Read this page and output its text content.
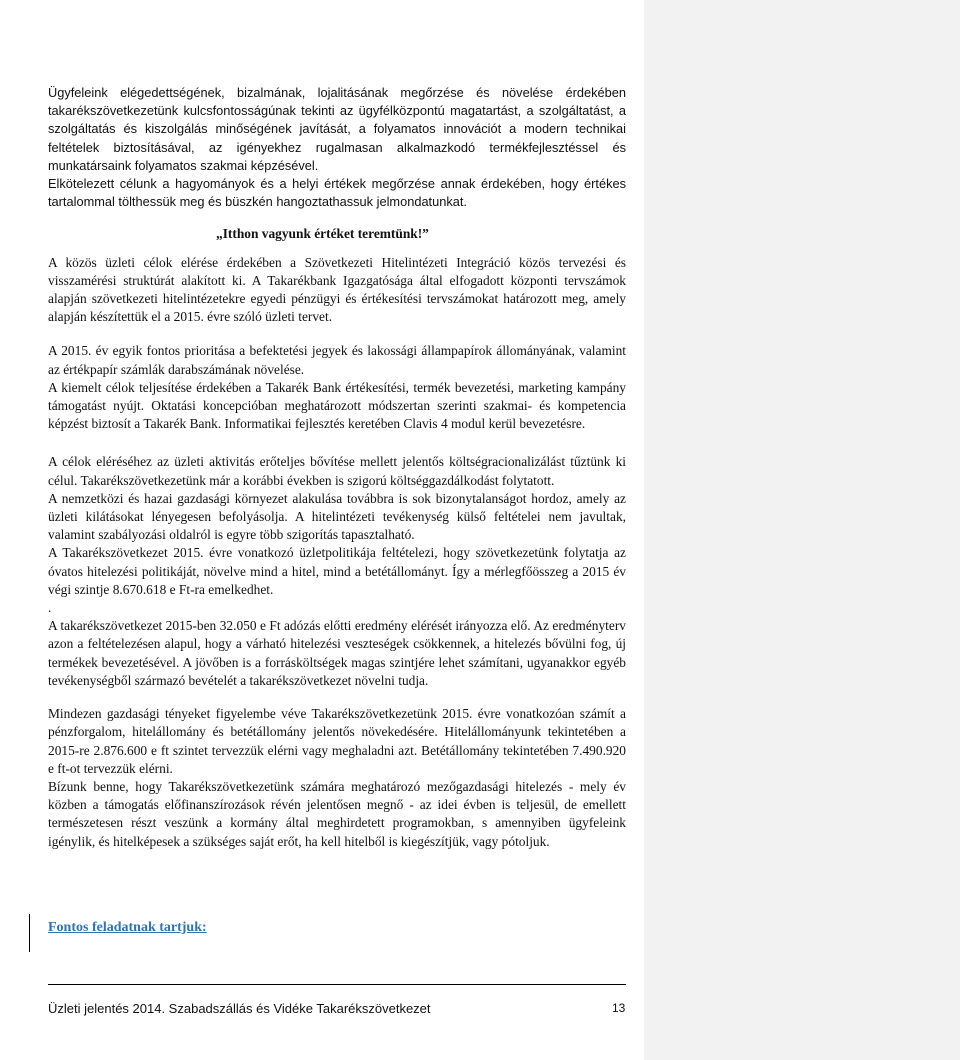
Ügyfeleink elégedettségének, bizalmának, lojalitásának megőrzése és növelése érdekében takarékszövetkezetünk kulcsfontosságúnak tekinti az ügyfélközpontú magatartást, a szolgáltatást, a szolgáltatás és kiszolgálás minőségének javítását, a folyamatos innovációt a modern technikai feltételek biztosításával, az igényekhez rugalmasan alkalmazkodó termékfejlesztéssel és munkatársaink folyamatos szakmai képzésével.

Elkötelezett célunk a hagyományok és a helyi értékek megőrzése annak érdekében, hogy értékes tartalommal tölthessük meg és büszkén hangoztathassuk jelmondatunkat.

„Itthon vagyunk értéket teremtünk!”

A közös üzleti célok elérése érdekében a Szövetkezeti Hitelintézeti Integráció közös tervezési és visszamérési struktúrát alakított ki. A Takarékbank Igazgatósága által elfogadott központi tervszámok alapján szövetkezeti hitelintézetekre egyedi pénzügyi és értékesítési tervszámokat határozott meg, amely alapján készítettük el a 2015. évre szóló üzleti tervet.

A 2015. év egyik fontos prioritása a befektetési jegyek és lakossági állampapírok állományának, valamint az értékpapír számlák darabszámának növelése.

A kiemelt célok teljesítése érdekében a Takarék Bank értékesítési, termék bevezetési, marketing kampány támogatást nyújt. Oktatási koncepcióban meghatározott módszertan szerinti szakmai- és kompetencia képzést biztosít a Takarék Bank. Informatikai fejlesztés keretében Clavis 4 modul kerül bevezetésre.

A célok eléréséhez az üzleti aktivitás erőteljes bővítése mellett jelentős költségracionalizálást tűztünk ki célul. Takarékszövetkezetünk már a korábbi években is szigorú költséggazdálkodást folytatott.

A nemzetközi és hazai gazdasági környezet alakulása továbbra is sok bizonytalanságot hordoz, amely az üzleti kilátásokat lényegesen befolyásolja. A hitelintézeti tevékenység külső feltételei nem javultak, valamint szabályozási oldalról is egyre több szigorítás tapasztalható.

A Takarékszövetkezet 2015. évre vonatkozó üzletpolitikája feltételezi, hogy szövetkezetünk folytatja az óvatos hitelezési politikáját, növelve mind a hitel, mind a betétállományt. Így a mérlegfőösszeg a 2015 év végi szintje 8.670.618 e Ft-ra emelkedhet.

.

A takarékszövetkezet 2015-ben 32.050 e Ft adózás előtti eredmény elérését irányozza elő. Az eredményterv azon a feltételezésen alapul, hogy a várható hitelezési veszteségek csökkennek, a hitelezés bővülni fog, új termékek bevezetésével. A jövőben is a forrásköltségek magas szintjére lehet számítani, ugyanakkor egyéb tevékenységből származó bevételét a takarékszövetkezet növelni tudja.

Mindezen gazdasági tényeket figyelembe véve Takarékszövetkezetünk 2015. évre vonatkozóan számít a pénzforgalom, hitelállomány és betétállomány jelentős növekedésére. Hitelállományunk tekintetében a 2015-re 2.876.600 e ft szintet tervezzük elérni vagy meghaladni azt. Betétállomány tekintetében 7.490.920 e ft-ot tervezzük elérni.

Bízunk benne, hogy Takarékszövetkezetünk számára meghatározó mezőgazdasági hitelezés - mely év közben a támogatás előfinanszírozások révén jelentősen megnő - az idei évben is teljesül, de emellett természetesen részt veszünk a kormány által meghirdetett programokban, s amennyiben ügyfeleink igénylik, és hitelképesek a szükséges saját erőt, ha kell hitelből is kiegészítjük, vagy pótoljuk.

Fontos feladatnak tartjuk:
Üzleti jelentés 2014. Szabadszállás és Vidéke Takarékszövetkezet	13
